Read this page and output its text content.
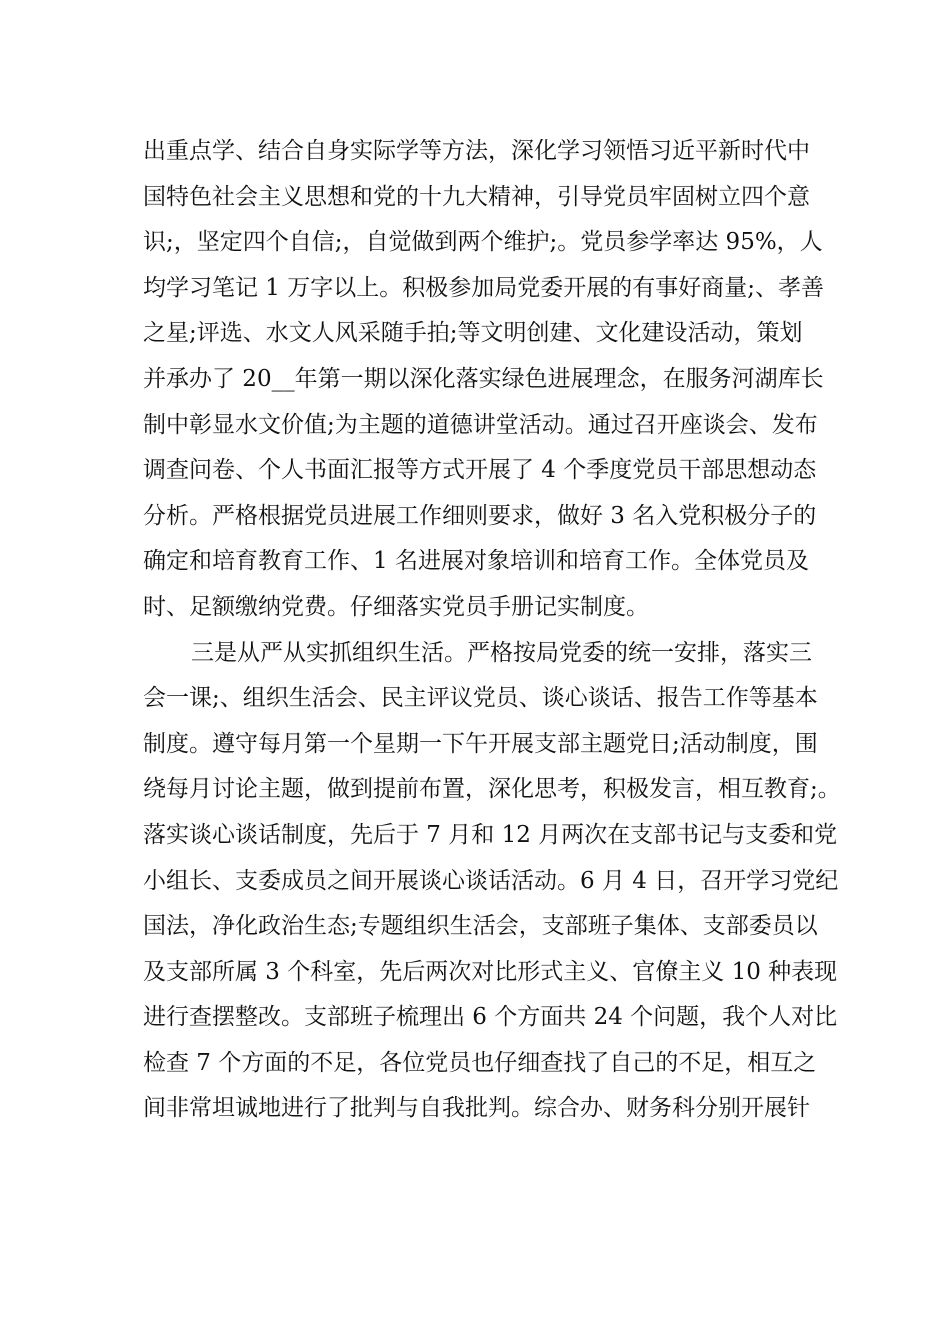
出重点学、结合自身实际学等方法，深化学习领悟习近平新时代中
国特色社会主义思想和党的十九大精神，引导党员牢固树立四个意
识;，坚定四个自信;，自觉做到两个维护;。党员参学率达 95%，人
均学习笔记 1 万字以上。积极参加局党委开展的有事好商量;、孝善
之星;评选、水文人风采随手拍;等文明创建、文化建设活动，策划
并承办了 20__年第一期以深化落实绿色进展理念，在服务河湖库长
制中彰显水文价值;为主题的道德讲堂活动。通过召开座谈会、发布
调查问卷、个人书面汇报等方式开展了 4 个季度党员干部思想动态
分析。严格根据党员进展工作细则要求，做好 3 名入党积极分子的
确定和培育教育工作、1 名进展对象培训和培育工作。全体党员及
时、足额缴纳党费。仔细落实党员手册记实制度。
三是从严从实抓组织生活。严格按局党委的统一安排，落实三
会一课;、组织生活会、民主评议党员、谈心谈话、报告工作等基本
制度。遵守每月第一个星期一下午开展支部主题党日;活动制度，围
绕每月讨论主题，做到提前布置，深化思考，积极发言，相互教育;。
落实谈心谈话制度，先后于 7 月和 12 月两次在支部书记与支委和党
小组长、支委成员之间开展谈心谈话活动。6 月 4 日，召开学习党纪
国法，净化政治生态;专题组织生活会，支部班子集体、支部委员以
及支部所属 3 个科室，先后两次对比形式主义、官僚主义 10 种表现
进行查摆整改。支部班子梳理出 6 个方面共 24 个问题，我个人对比
检查 7 个方面的不足，各位党员也仔细查找了自己的不足，相互之
间非常坦诚地进行了批判与自我批判。综合办、财务科分别开展针
